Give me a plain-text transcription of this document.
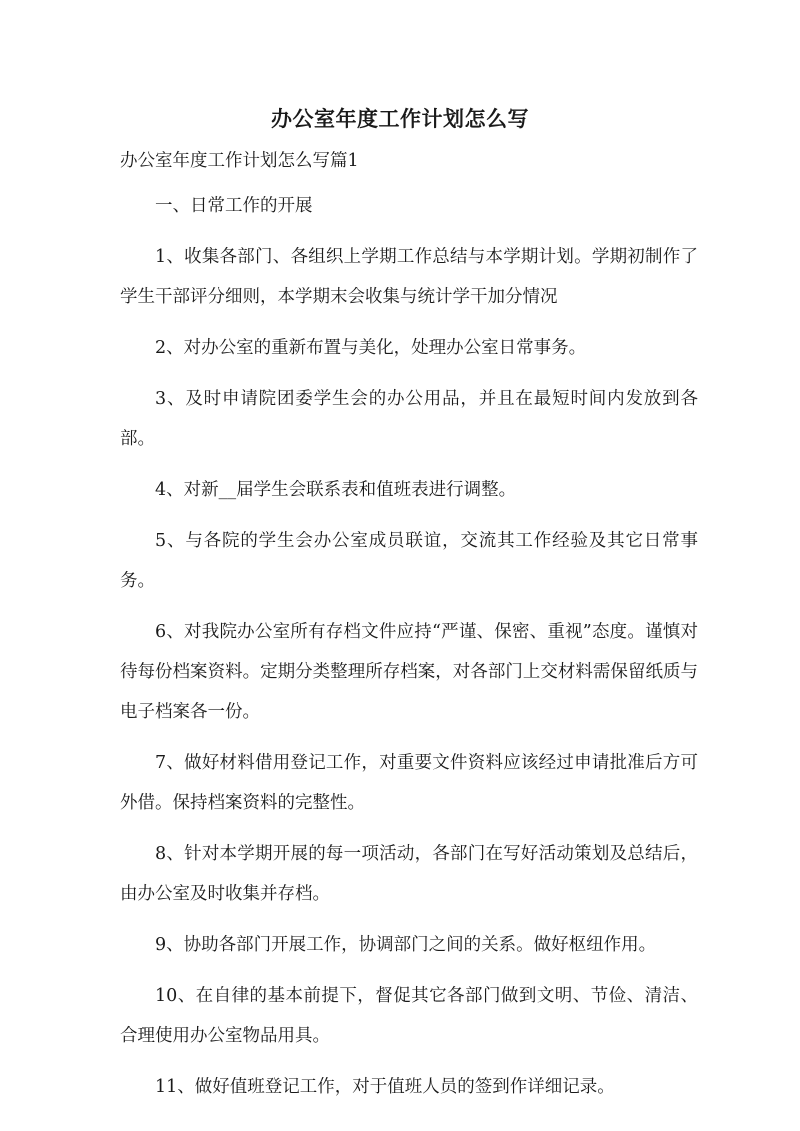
办公室年度工作计划怎么写

办公室年度工作计划怎么写篇1

一、日常工作的开展

1、收集各部门、各组织上学期工作总结与本学期计划。学期初制作了学生干部评分细则，本学期末会收集与统计学干加分情况

2、对办公室的重新布置与美化，处理办公室日常事务。

3、及时申请院团委学生会的办公用品，并且在最短时间内发放到各部。

4、对新__届学生会联系表和值班表进行调整。

5、与各院的学生会办公室成员联谊，交流其工作经验及其它日常事务。

6、对我院办公室所有存档文件应持“严谨、保密、重视”态度。谨慎对待每份档案资料。定期分类整理所存档案，对各部门上交材料需保留纸质与电子档案各一份。

7、做好材料借用登记工作，对重要文件资料应该经过申请批准后方可外借。保持档案资料的完整性。

8、针对本学期开展的每一项活动，各部门在写好活动策划及总结后，由办公室及时收集并存档。

9、协助各部门开展工作，协调部门之间的关系。做好枢纽作用。

10、在自律的基本前提下，督促其它各部门做到文明、节俭、清洁、合理使用办公室物品用具。

11、做好值班登记工作，对于值班人员的签到作详细记录。
